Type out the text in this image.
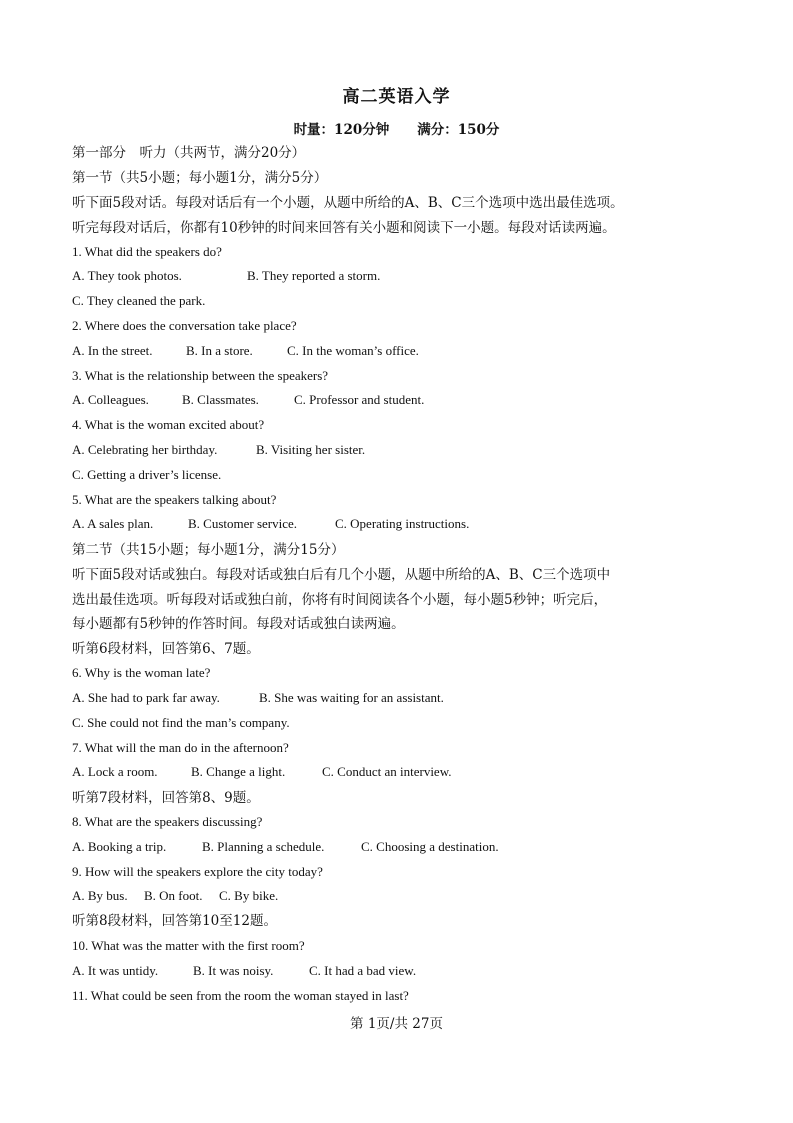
高二英语入学
时量：120分钟 满分：150分
第一部分　听力（共两节，满分20分）
第一节（共5小题；每小题1分，满分5分）
听下面5段对话。每段对话后有一个小题，从题中所给的A、B、C三个选项中选出最佳选项。
听完每段对话后，你都有10秒钟的时间来回答有关小题和阅读下一小题。每段对话读两遍。
1. What did the speakers do?
A. They took photos.	B. They reported a storm.
C. They cleaned the park.
2. Where does the conversation take place?
A. In the street.	B. In a store.	C. In the woman’s office.
3. What is the relationship between the speakers?
A. Colleagues.	B. Classmates.	C. Professor and student.
4. What is the woman excited about?
A. Celebrating her birthday.	B. Visiting her sister.
C. Getting a driver’s license.
5. What are the speakers talking about?
A. A sales plan.	B. Customer service.	C. Operating instructions.
第二节（共15小题；每小题1分，满分15分）
听下面5段对话或独白。每段对话或独白后有几个小题，从题中所给的A、B、C三个选项中
选出最佳选项。听每段对话或独白前，你将有时间阅读各个小题，每小题5秒钟；听完后，
每小题都有5秒钟的作答时间。每段对话或独白读两遍。
听第6段材料，回答第6、7题。
6. Why is the woman late?
A. She had to park far away.	B. She was waiting for an assistant.
C. She could not find the man’s company.
7. What will the man do in the afternoon?
A. Lock a room.	B. Change a light.	C. Conduct an interview.
听第7段材料，回答第8、9题。
8. What are the speakers discussing?
A. Booking a trip.	B. Planning a schedule.	C. Choosing a destination.
9. How will the speakers explore the city today?
A. By bus. B. On foot. C. By bike.
听第8段材料，回答第10至12题。
10. What was the matter with the first room?
A. It was untidy.	B. It was noisy.	C. It had a bad view.
11. What could be seen from the room the woman stayed in last?
第 1页/共 27页
